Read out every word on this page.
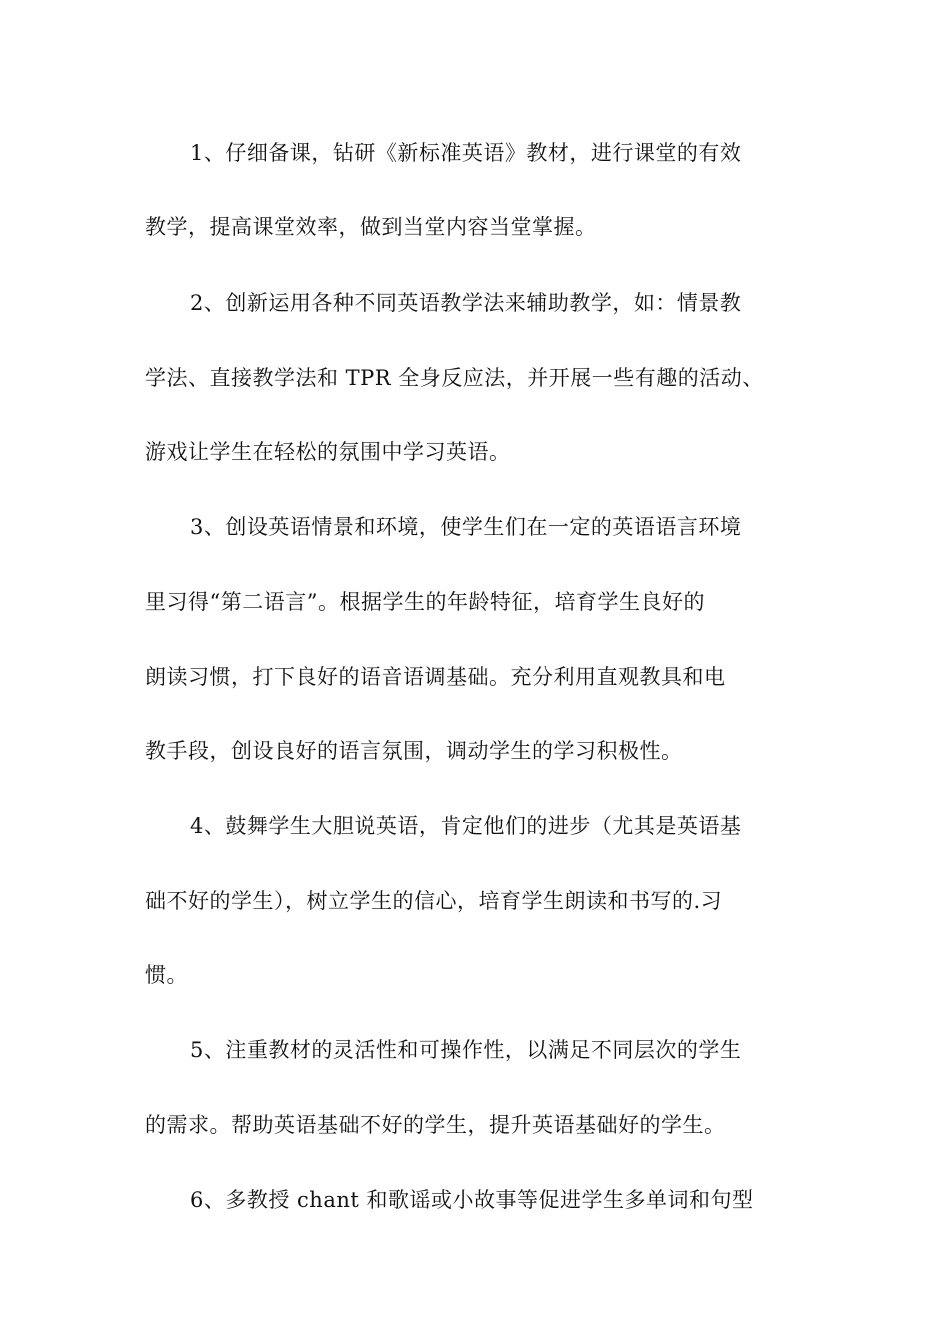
1、仔细备课，钻研《新标准英语》教材，进行课堂的有效
教学，提高课堂效率，做到当堂内容当堂掌握。
2、创新运用各种不同英语教学法来辅助教学，如：情景教
学法、直接教学法和 TPR 全身反应法，并开展一些有趣的活动、
游戏让学生在轻松的氛围中学习英语。
3、创设英语情景和环境，使学生们在一定的英语语言环境
里习得“第二语言”。根据学生的年龄特征，培育学生良好的
朗读习惯，打下良好的语音语调基础。充分利用直观教具和电
教手段，创设良好的语言氛围，调动学生的学习积极性。
4、鼓舞学生大胆说英语，肯定他们的进步（尤其是英语基
础不好的学生），树立学生的信心，培育学生朗读和书写的.习
惯。
5、注重教材的灵活性和可操作性，以满足不同层次的学生
的需求。帮助英语基础不好的学生，提升英语基础好的学生。
6、多教授 chant 和歌谣或小故事等促进学生多单词和句型
